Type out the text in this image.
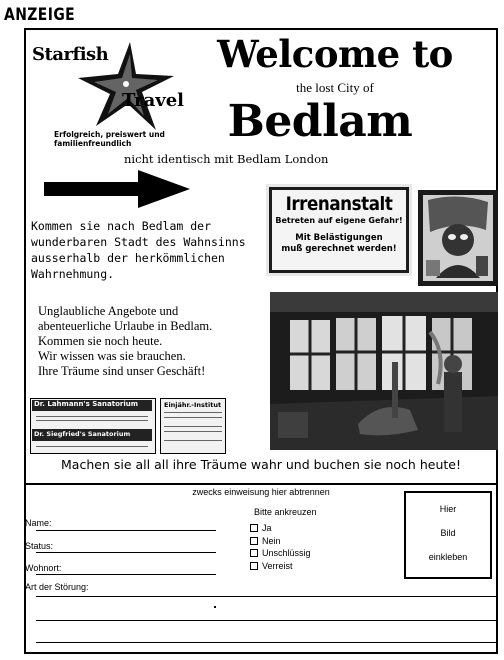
ANZEIGE
Starfish
Travel
Erfolgreich, preiswert und familienfreundlich
Welcome to
the lost City of
Bedlam
nicht identisch mit Bedlam London
Irrenanstalt
Betreten auf eigene Gefahr!
Mit Belästigungen
muß gerechnet werden!
Kommen sie nach Bedlam der
wunderbaren Stadt des Wahnsinns
ausserhalb der herkömmlichen
Wahrnehmung.
Unglaubliche Angebote und
abenteuerliche Urlaube in Bedlam.
Kommen sie noch heute.
Wir wissen was sie brauchen.
Ihre Träume sind unser Geschäft!
Dr. Lahmann's Sanatorium
Dr. Siegfried's Sanatorium
Einjähr.-Institut
Machen sie all all ihre Träume wahr und buchen sie noch heute!
zwecks einweisung hier abtrennen
Name:
Status:
Wohnort:
Art der Störung:
Bitte ankreuzen
Ja
Nein
Unschlüssig
Verreist
Hier

Bild

einkleben
